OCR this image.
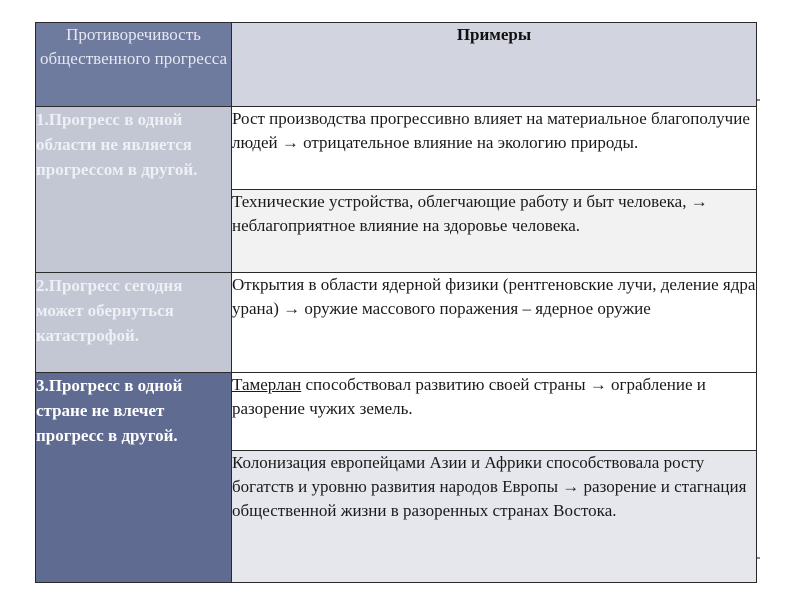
Противоречивость общественного прогресса	Примеры
1.Прогресс в одной области не является прогрессом в другой.	Рост производства прогрессивно влияет на материальное благополучие людей → отрицательное влияние на экологию природы.
	Технические устройства, облегчающие работу и быт человека, → неблагоприятное влияние на здоровье человека.
2.Прогресс сегодня может обернуться катастрофой.	Открытия в области ядерной физики (рентгеновские лучи, деление ядра урана) → оружие массового поражения – ядерное оружие
3.Прогресс в одной стране не влечет прогресс в другой.	Тамерлан способствовал развитию своей страны → ограбление и разорение чужих земель.
	Колонизация европейцами Азии и Африки способствовала росту богатств и уровню развития народов Европы → разорение и стагнация общественной жизни в разоренных странах Востока.
